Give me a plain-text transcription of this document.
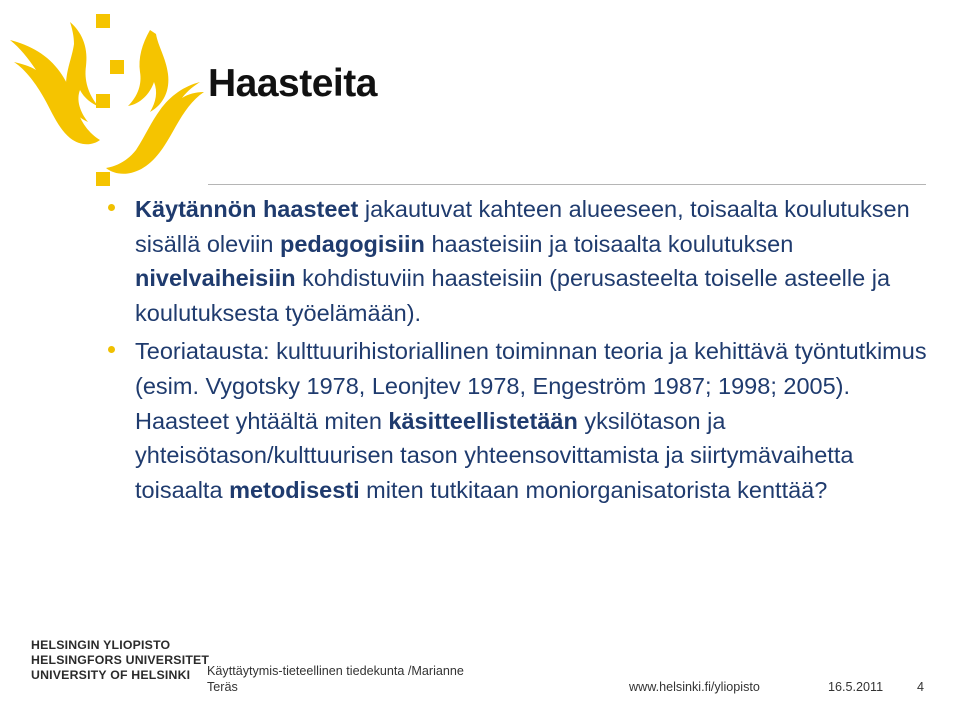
Haasteita

Käytännön haasteet jakautuvat kahteen alueeseen, toisaalta koulutuksen sisällä oleviin pedagogisiin haasteisiin ja toisaalta koulutuksen nivelvaiheisiin kohdistuviin haasteisiin (perusasteelta toiselle asteelle ja koulutuksesta työelämään).

Teoriatausta: kulttuurihistoriallinen toiminnan teoria ja kehittävä työntutkimus (esim. Vygotsky 1978, Leonjtev 1978, Engeström 1987; 1998; 2005). Haasteet yhtäältä miten käsitteellistetään yksilötason ja yhteisötason/kulttuurisen tason yhteensovittamista ja siirtymävaihetta toisaalta metodisesti miten tutkitaan moniorganisatorista kenttää?

HELSINGIN YLIOPISTO
HELSINGFORS UNIVERSITET
UNIVERSITY OF HELSINKI	Käyttäytymis-tieteellinen tiedekunta /Marianne Teräs	www.helsinki.fi/yliopisto	16.5.2011	4
